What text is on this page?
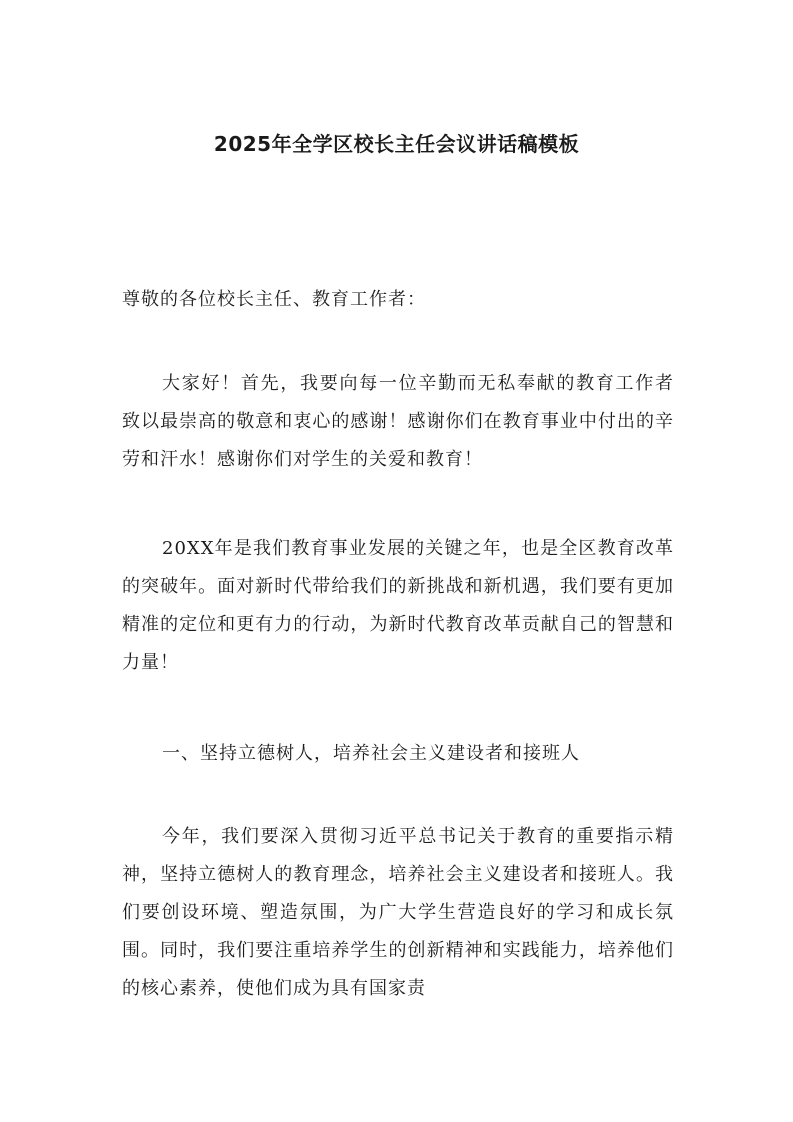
2025年全学区校长主任会议讲话稿模板

尊敬的各位校长主任、教育工作者：

大家好！首先，我要向每一位辛勤而无私奉献的教育工作者致以最崇高的敬意和衷心的感谢！感谢你们在教育事业中付出的辛劳和汗水！感谢你们对学生的关爱和教育！

20XX年是我们教育事业发展的关键之年，也是全区教育改革的突破年。面对新时代带给我们的新挑战和新机遇，我们要有更加精准的定位和更有力的行动，为新时代教育改革贡献自己的智慧和力量！

一、坚持立德树人，培养社会主义建设者和接班人

今年，我们要深入贯彻习近平总书记关于教育的重要指示精神，坚持立德树人的教育理念，培养社会主义建设者和接班人。我们要创设环境、塑造氛围，为广大学生营造良好的学习和成长氛围。同时，我们要注重培养学生的创新精神和实践能力，培养他们的核心素养，使他们成为具有国家责
